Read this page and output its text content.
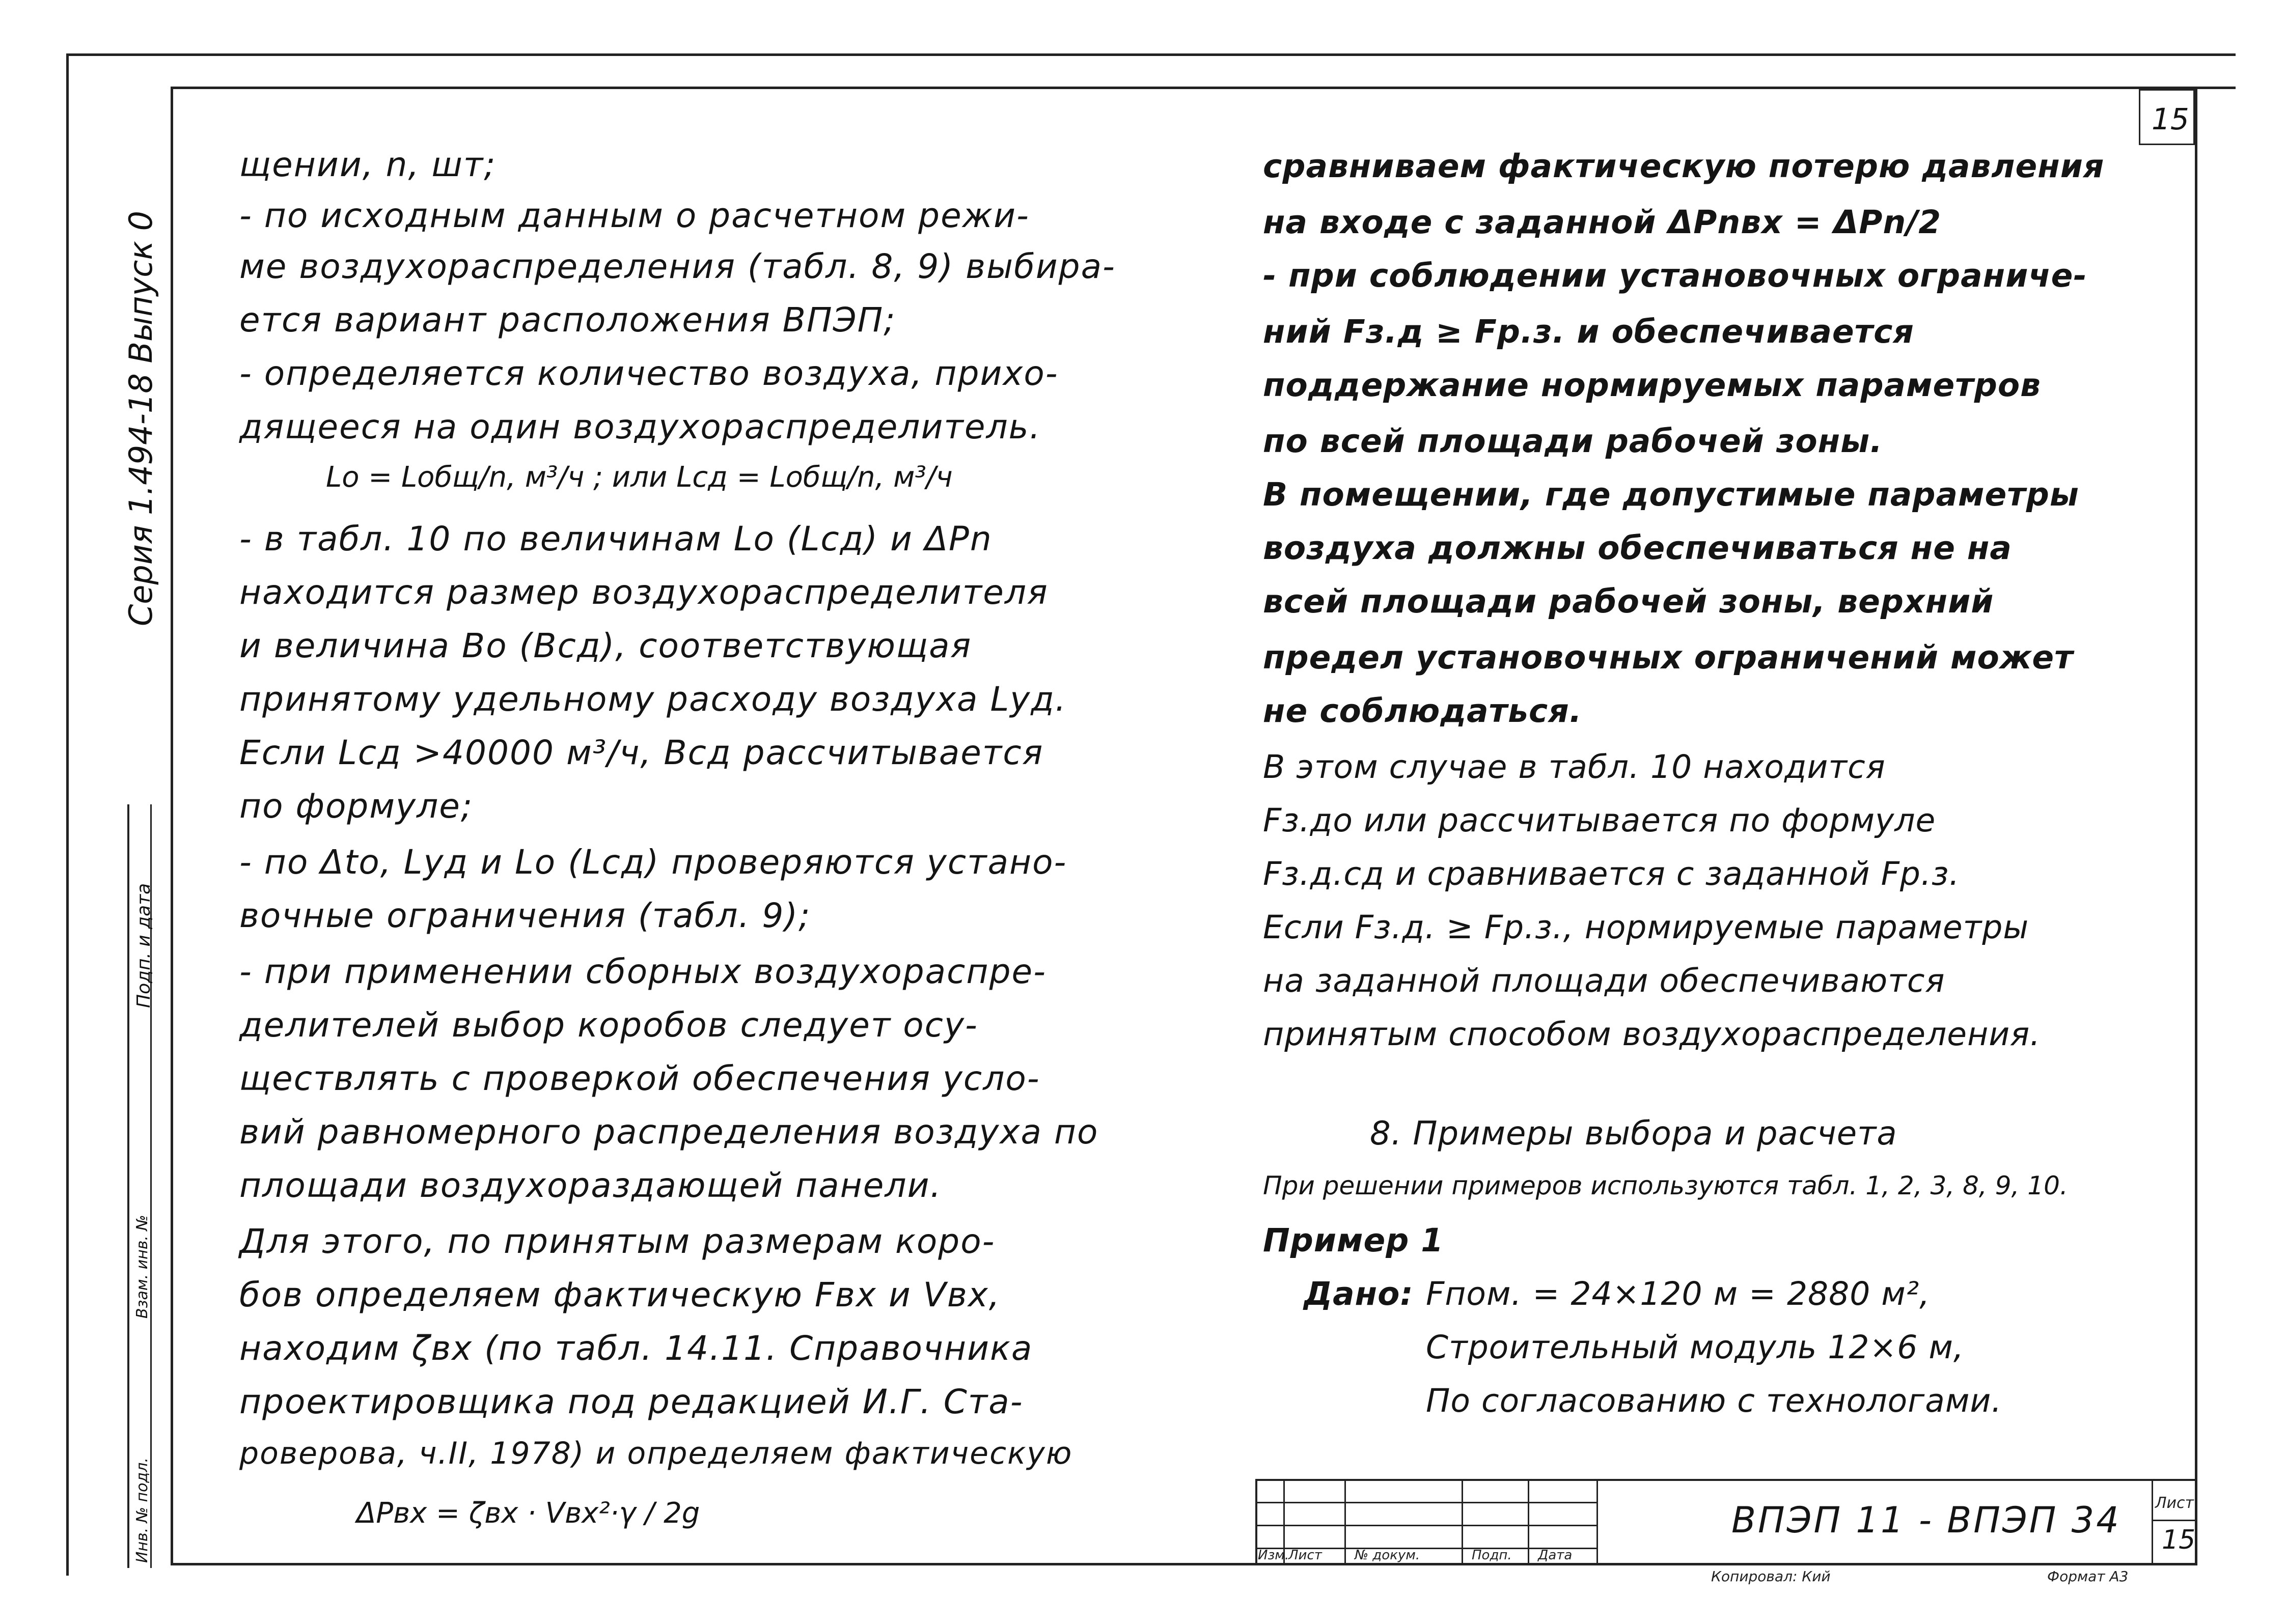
15
Серия 1.494-18 Выпуск 0
Подп. и дата
Взам. инв. №
Инв. № подл.
щении, n, шт;
- по исходным данным о расчетном режи-
ме воздухораспределения (табл. 8, 9) выбира-
ется вариант расположения ВПЭП;
- определяется количество воздуха, прихо-
дящееся на один воздухораспределитель.
Lo = Lобщ/n, м³/ч ; или Lсд = Lобщ/n, м³/ч
- в табл. 10 по величинам Lo (Lсд) и ΔPn
находится размер воздухораспределителя
и величина Bo (Bсд), соответствующая
принятому удельному расходу воздуха Lуд.
Если Lсд >40000 м³/ч, Bсд рассчитывается
по формуле;
- по Δto, Lуд и Lo (Lсд) проверяются устано-
вочные ограничения (табл. 9);
- при применении сборных воздухораспре-
делителей выбор коробов следует осу-
ществлять с проверкой обеспечения усло-
вий равномерного распределения воздуха по
площади воздухораздающей панели.
Для этого, по принятым размерам коро-
бов определяем фактическую Fвх и Vвх,
находим ζвх (по табл. 14.11. Справочника
проектировщика под редакцией И.Г. Ста-
роверова, ч.II, 1978) и определяем фактическую
ΔPвх = ζвх · Vвх²·γ / 2g
сравниваем фактическую потерю давления
на входе с заданной ΔPnвх = ΔPn/2
- при соблюдении установочных ограниче-
ний Fз.д ≥ Fр.з. и обеспечивается
поддержание нормируемых параметров
по всей площади рабочей зоны.
В помещении, где допустимые параметры
воздуха должны обеспечиваться не на
всей площади рабочей зоны, верхний
предел установочных ограничений может
не соблюдаться.
В этом случае в табл. 10 находится
Fз.до или рассчитывается по формуле
Fз.д.сд и сравнивается с заданной Fр.з.
Если Fз.д. ≥ Fр.з., нормируемые параметры
на заданной площади обеспечиваются
принятым способом воздухораспределения.
8. Примеры выбора и расчета
При решении примеров используются табл. 1, 2, 3, 8, 9, 10.
Пример 1
Дано: Fпом. = 24×120 м = 2880 м²,
Строительный модуль 12×6 м,
По согласованию с технологами.
Изм.
Лист № докум.	Подп. Дата
ВПЭП 11 - ВПЭП 34 Лист
15
Копировал: Кий	Формат А3
